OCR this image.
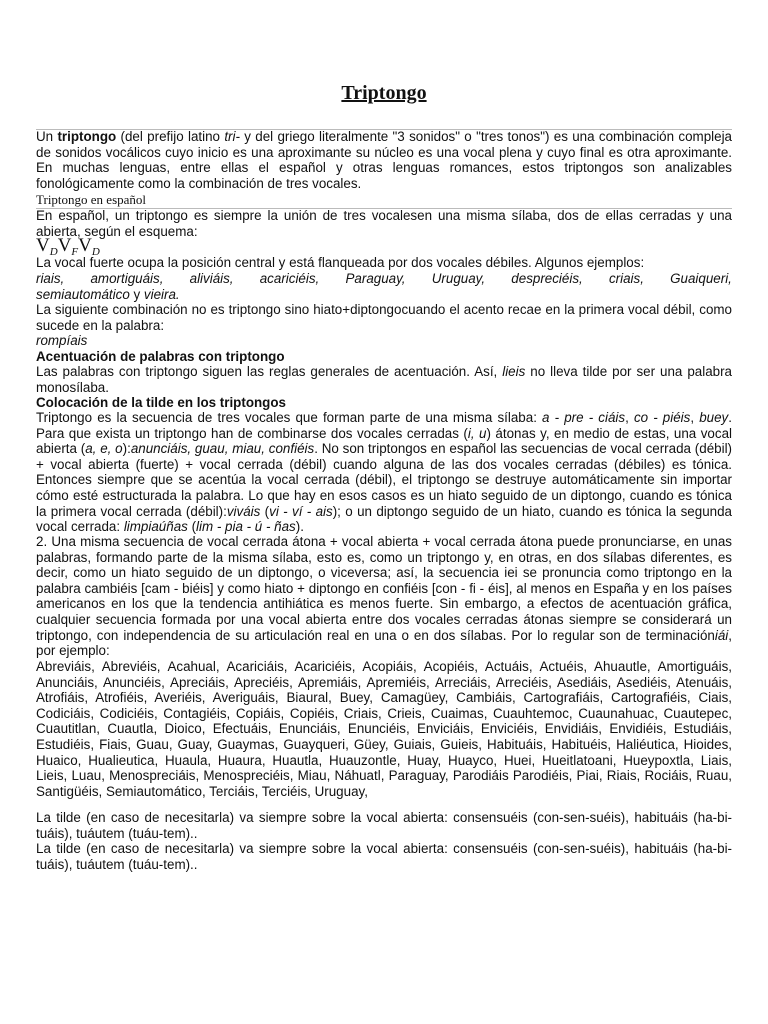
Triptongo

Un triptongo (del prefijo latino tri- y del griego literalmente "3 sonidos" o "tres tonos") es una combinación compleja de sonidos vocálicos cuyo inicio es una aproximante su núcleo es una vocal plena y cuyo final es otra aproximante. En muchas lenguas, entre ellas el español y otras lenguas romances, estos triptongos son analizables fonológicamente como la combinación de tres vocales.

Triptongo en español

En español, un triptongo es siempre la unión de tres vocalesen una misma sílaba, dos de ellas cerradas y una abierta, según el esquema:

$V_DV_FV_D$

La vocal fuerte ocupa la posición central y está flanqueada por dos vocales débiles. Algunos ejemplos:

riais, amortiguáis, aliviáis, acariciéis, Paraguay, Uruguay, despreciéis, criais, Guaiqueri,
semiautomático y vieira.

La siguiente combinación no es triptongo sino hiato+diptongocuando el acento recae en la primera vocal débil, como sucede en la palabra:

rompíais
Acentuación de palabras con triptongo

Las palabras con triptongo siguen las reglas generales de acentuación. Así, lieis no lleva tilde por ser una palabra monosílaba.

Colocación de la tilde en los triptongos

Triptongo es la secuencia de tres vocales que forman parte de una misma sílaba: a - pre - ciáis, co - piéis, buey. Para que exista un triptongo han de combinarse dos vocales cerradas (i, u) átonas y, en medio de estas, una vocal abierta (a, e, o):anunciáis, guau, miau, confiéis. No son triptongos en español las secuencias de vocal cerrada (débil) + vocal abierta (fuerte) + vocal cerrada (débil) cuando alguna de las dos vocales cerradas (débiles) es tónica. Entonces siempre que se acentúa la vocal cerrada (débil), el triptongo se destruye automáticamente sin importar cómo esté estructurada la palabra. Lo que hay en esos casos es un hiato seguido de un diptongo, cuando es tónica la primera vocal cerrada (débil):viváis (vi - ví - ais); o un diptongo seguido de un hiato, cuando es tónica la segunda vocal cerrada: limpiaúñas (lim - pia - ú - ñas).

2. Una misma secuencia de vocal cerrada átona + vocal abierta + vocal cerrada átona puede pronunciarse, en unas palabras, formando parte de la misma sílaba, esto es, como un triptongo y, en otras, en dos sílabas diferentes, es decir, como un hiato seguido de un diptongo, o viceversa; así, la secuencia iei se pronuncia como triptongo en la palabra cambiéis [cam - biéis] y como hiato + diptongo en confiéis [con - fi - éis], al menos en España y en los países americanos en los que la tendencia antihiática es menos fuerte. Sin embargo, a efectos de acentuación gráfica, cualquier secuencia formada por una vocal abierta entre dos vocales cerradas átonas siempre se considerará un triptongo, con independencia de su articulación real en una o en dos sílabas. Por lo regular son de terminacióniái, por ejemplo:

Abreviáis, Abreviéis, Acahual, Acariciáis, Acariciéis, Acopiáis, Acopiéis, Actuáis, Actuéis, Ahuautle, Amortiguáis, Anunciáis, Anunciéis, Apreciáis, Apreciéis, Apremiáis, Apremiéis, Arreciáis, Arreciéis, Asediáis, Asediéis, Atenuáis, Atrofiáis, Atrofiéis, Averiéis, Averiguáis, Biaural, Buey, Camagüey, Cambiáis, Cartografiáis, Cartografiéis, Ciais, Codiciáis, Codiciéis, Contagiéis, Copiáis, Copiéis, Criais, Crieis, Cuaimas, Cuauhtemoc, Cuaunahuac, Cuautepec, Cuautitlan, Cuautla, Dioico, Efectuáis, Enunciáis, Enunciéis, Enviciáis, Enviciéis, Envidiáis, Envidiéis, Estudiáis, Estudiéis, Fiais, Guau, Guay, Guaymas, Guayqueri, Güey, Guiais, Guieis, Habituáis, Habituéis, Haliéutica, Hioides, Huaico, Hualieutica, Huaula, Huaura, Huautla, Huauzontle, Huay, Huayco, Huei, Hueitlatoani, Hueypoxtla, Liais, Lieis, Luau, Menospreciáis, Menospreciéis, Miau, Náhuatl, Paraguay, Parodiáis Parodiéis, Piai, Riais, Rociáis, Ruau, Santigüéis, Semiautomático, Terciáis, Terciéis, Uruguay,

La tilde (en caso de necesitarla) va siempre sobre la vocal abierta: consensuéis (con-sen-suéis), habituáis (ha-bi-tuáis), tuáutem (tuáu-tem)..

La tilde (en caso de necesitarla) va siempre sobre la vocal abierta: consensuéis (con-sen-suéis), habituáis (ha-bi-tuáis), tuáutem (tuáu-tem)..
